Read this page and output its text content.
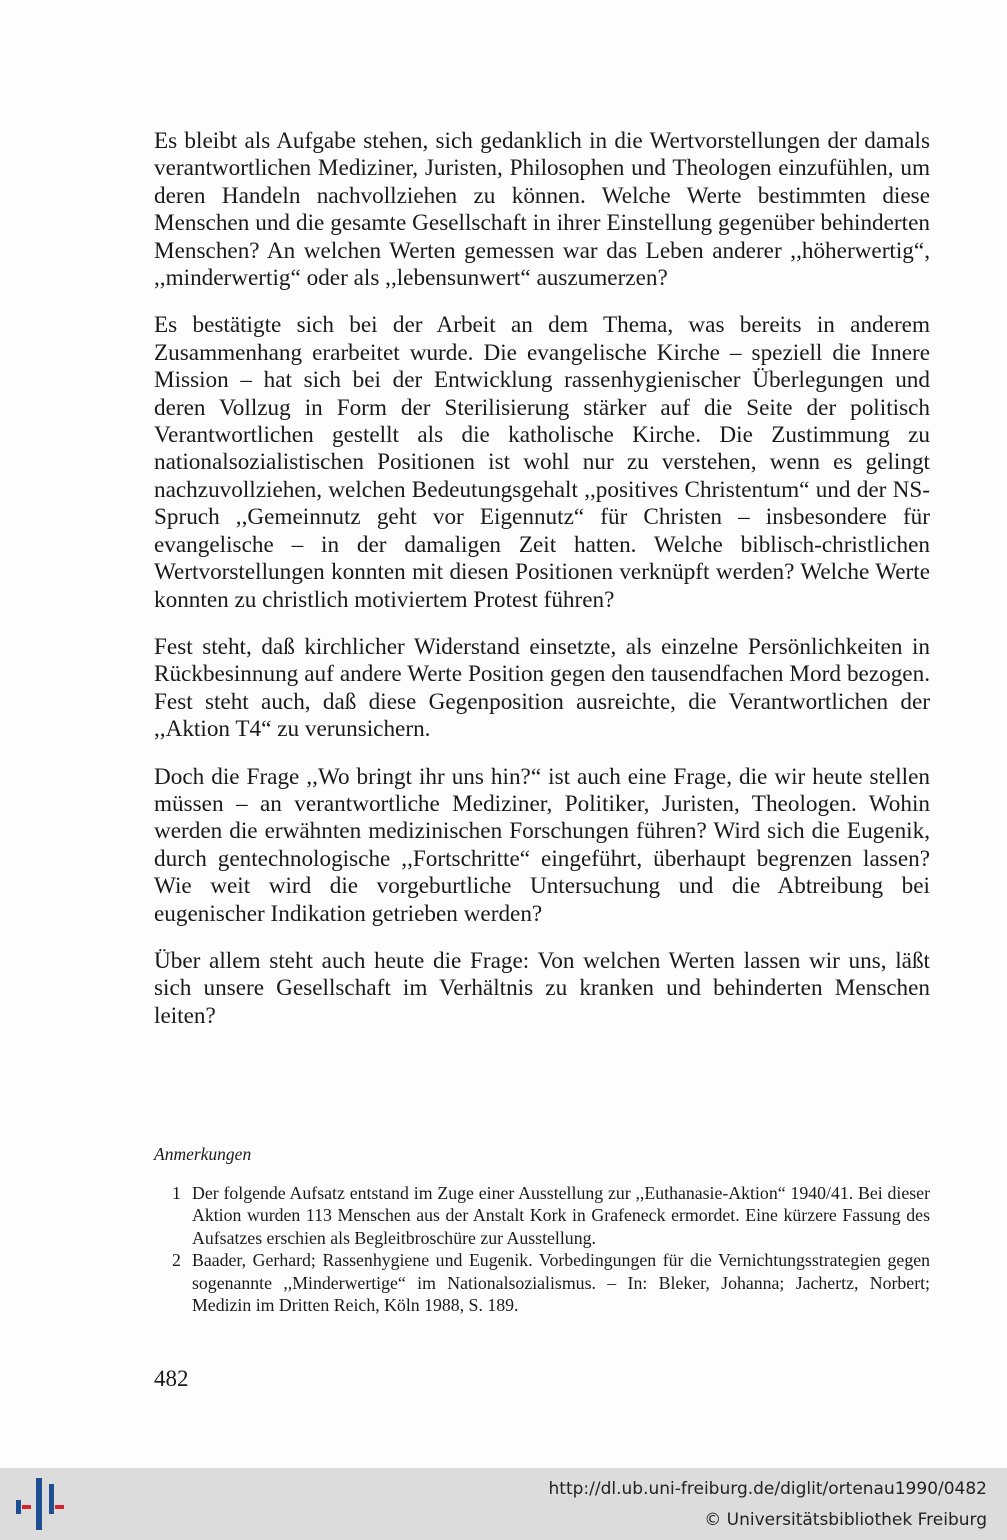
Es bleibt als Aufgabe stehen, sich gedanklich in die Wertvorstellungen der damals verantwortlichen Mediziner, Juristen, Philosophen und Theologen einzufühlen, um deren Handeln nachvollziehen zu können. Welche Werte bestimmten diese Menschen und die gesamte Gesellschaft in ihrer Einstellung gegenüber behinderten Menschen? An welchen Werten gemessen war das Leben anderer ,,höherwertig“, ,,minderwertig“ oder als ,,lebensunwert“ auszumerzen?

Es bestätigte sich bei der Arbeit an dem Thema, was bereits in anderem Zusammenhang erarbeitet wurde. Die evangelische Kirche – speziell die Innere Mission – hat sich bei der Entwicklung rassenhygienischer Überlegungen und deren Vollzug in Form der Sterilisierung stärker auf die Seite der politisch Verantwortlichen gestellt als die katholische Kirche. Die Zustimmung zu nationalsozialistischen Positionen ist wohl nur zu verstehen, wenn es gelingt nachzuvollziehen, welchen Bedeutungsgehalt ,,positives Christentum“ und der NS-Spruch ,,Gemeinnutz geht vor Eigennutz“ für Christen – insbesondere für evangelische – in der damaligen Zeit hatten. Welche biblisch-christlichen Wertvorstellungen konnten mit diesen Positionen verknüpft werden? Welche Werte konnten zu christlich motiviertem Protest führen?

Fest steht, daß kirchlicher Widerstand einsetzte, als einzelne Persönlichkeiten in Rückbesinnung auf andere Werte Position gegen den tausendfachen Mord bezogen. Fest steht auch, daß diese Gegenposition ausreichte, die Verantwortlichen der ,,Aktion T4“ zu verunsichern.

Doch die Frage ,,Wo bringt ihr uns hin?“ ist auch eine Frage, die wir heute stellen müssen – an verantwortliche Mediziner, Politiker, Juristen, Theologen. Wohin werden die erwähnten medizinischen Forschungen führen? Wird sich die Eugenik, durch gentechnologische ,,Fortschritte“ eingeführt, überhaupt begrenzen lassen? Wie weit wird die vorgeburtliche Untersuchung und die Abtreibung bei eugenischer Indikation getrieben werden?

Über allem steht auch heute die Frage: Von welchen Werten lassen wir uns, läßt sich unsere Gesellschaft im Verhältnis zu kranken und behinderten Menschen leiten?

Anmerkungen

1 Der folgende Aufsatz entstand im Zuge einer Ausstellung zur ,,Euthanasie-Aktion“ 1940/41. Bei dieser Aktion wurden 113 Menschen aus der Anstalt Kork in Grafeneck ermordet. Eine kürzere Fassung des Aufsatzes erschien als Begleitbroschüre zur Ausstellung.
2 Baader, Gerhard; Rassenhygiene und Eugenik. Vorbedingungen für die Vernichtungsstrategien gegen sogenannte ,,Minderwertige“ im Nationalsozialismus. – In: Bleker, Johanna; Jachertz, Norbert; Medizin im Dritten Reich, Köln 1988, S. 189.

482

http://dl.ub.uni-freiburg.de/diglit/ortenau1990/0482
© Universitätsbibliothek Freiburg
